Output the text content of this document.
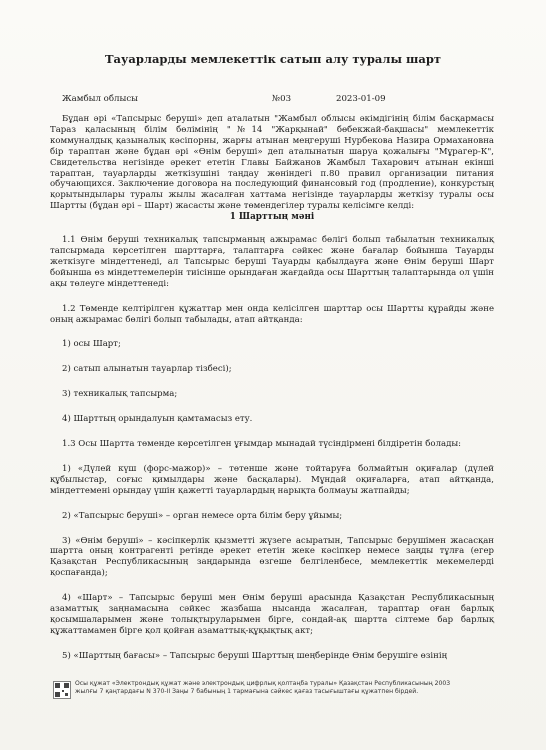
Тауарларды мемлекеттік сатып алу туралы шарт
Жамбыл облысы	№03	2023-01-09

Бұдан әрі «Тапсырыс беруші» деп аталатын "Жамбыл облысы әкімдігінің білім басқармасы Тараз қаласының білім бөлімінің "№14 "Жарқынай" бөбекжай-бақшасы" мемлекеттік коммуналдық қазыналық кәсіпорны, жарғы атынан меңгеруші Нурбекова Назира Ормахановна бір тараптан және бұдан әрі «Өнім беруші» деп аталынатын шаруа қожалығы "Мұрагер-К", Свидетельства негізінде әрекет ететін Главы Байжанов Жамбыл Тахарович атынан екінші тараптан, тауарларды жеткізушіні таңдау жөніндегі п.80 правил организации питания обучающихся. Заключение договора на последующий финансовый год (продление), конкурстың қорытындылары туралы жылы жасалған хаттама негізінде тауарларды жеткізу туралы осы Шартты (бұдан әрі – Шарт) жасасты және төмендегілер туралы келісімге келді:

1 Шарттың мәні

1.1 Өнім беруші техникалық тапсырманың ажырамас бөлігі болып табылатын техникалық тапсырмада көрсетілген шарттарға, талаптарға сәйкес және бағалар бойынша Тауарды жеткізуге міндеттенеді, ал Тапсырыс беруші Тауарды қабылдауға және Өнім беруші Шарт бойынша өз міндеттемелерін тиісінше орындаған жағдайда осы Шарттың талаптарында ол үшін ақы төлеуге міндеттенеді:

1.2 Төменде келтірілген құжаттар мен онда келісілген шарттар осы Шартты құрайды және оның ажырамас бөлігі болып табылады, атап айтқанда:

1) осы Шарт;

2) сатып алынатын тауарлар тізбесі);

3) техникалық тапсырма;

4) Шарттың орындалуын қамтамасыз ету.

1.3 Осы Шартта төменде көрсетілген ұғымдар мынадай түсіндірмені білдіретін болады:

1) «Дүлей күш (форс-мажор)» – төтенше және тойтаруға болмайтын оқиғалар (дүлей құбылыстар, соғыс қимылдары және басқалары). Мұндай оқиғаларға, атап айтқанда, міндеттемені орындау үшін қажетті тауарлардың нарықта болмауы жатпайды;

2) «Тапсырыс беруші» – орган немесе орта білім беру ұйымы;

3) «Өнім беруші» – кәсіпкерлік қызметті жүзеге асыратын, Тапсырыс берушімен жасасқан шартта оның контрагенті ретінде әрекет ететін жеке кәсіпкер немесе заңды тұлға (егер Қазақстан Республикасының заңдарында өзгеше белгіленбесе, мемлекеттік мекемелерді қоспағанда);

4) «Шарт» – Тапсырыс беруші мен Өнім беруші арасында Қазақстан Республикасының азаматтық заңнамасына сәйкес жазбаша нысанда жасалған, тараптар оған барлық қосымшаларымен және толықтыруларымен бірге, сондай-ақ шартта сілтеме бар барлық құжаттамамен бірге қол қойған азаматтық-құқықтық акт;

5) «Шарттың бағасы» – Тапсырыс беруші Шарттың шеңберінде Өнім берушіге өзінің

Осы құжат «Электрондық құжат және электрондық цифрлық қолтаңба туралы» Қазақстан Республикасының 2003 жылғы 7 қаңтардағы N 370-II Заңы 7 бабының 1 тармағына сәйкес қағаз тасығыштағы құжатпен бірдей.
